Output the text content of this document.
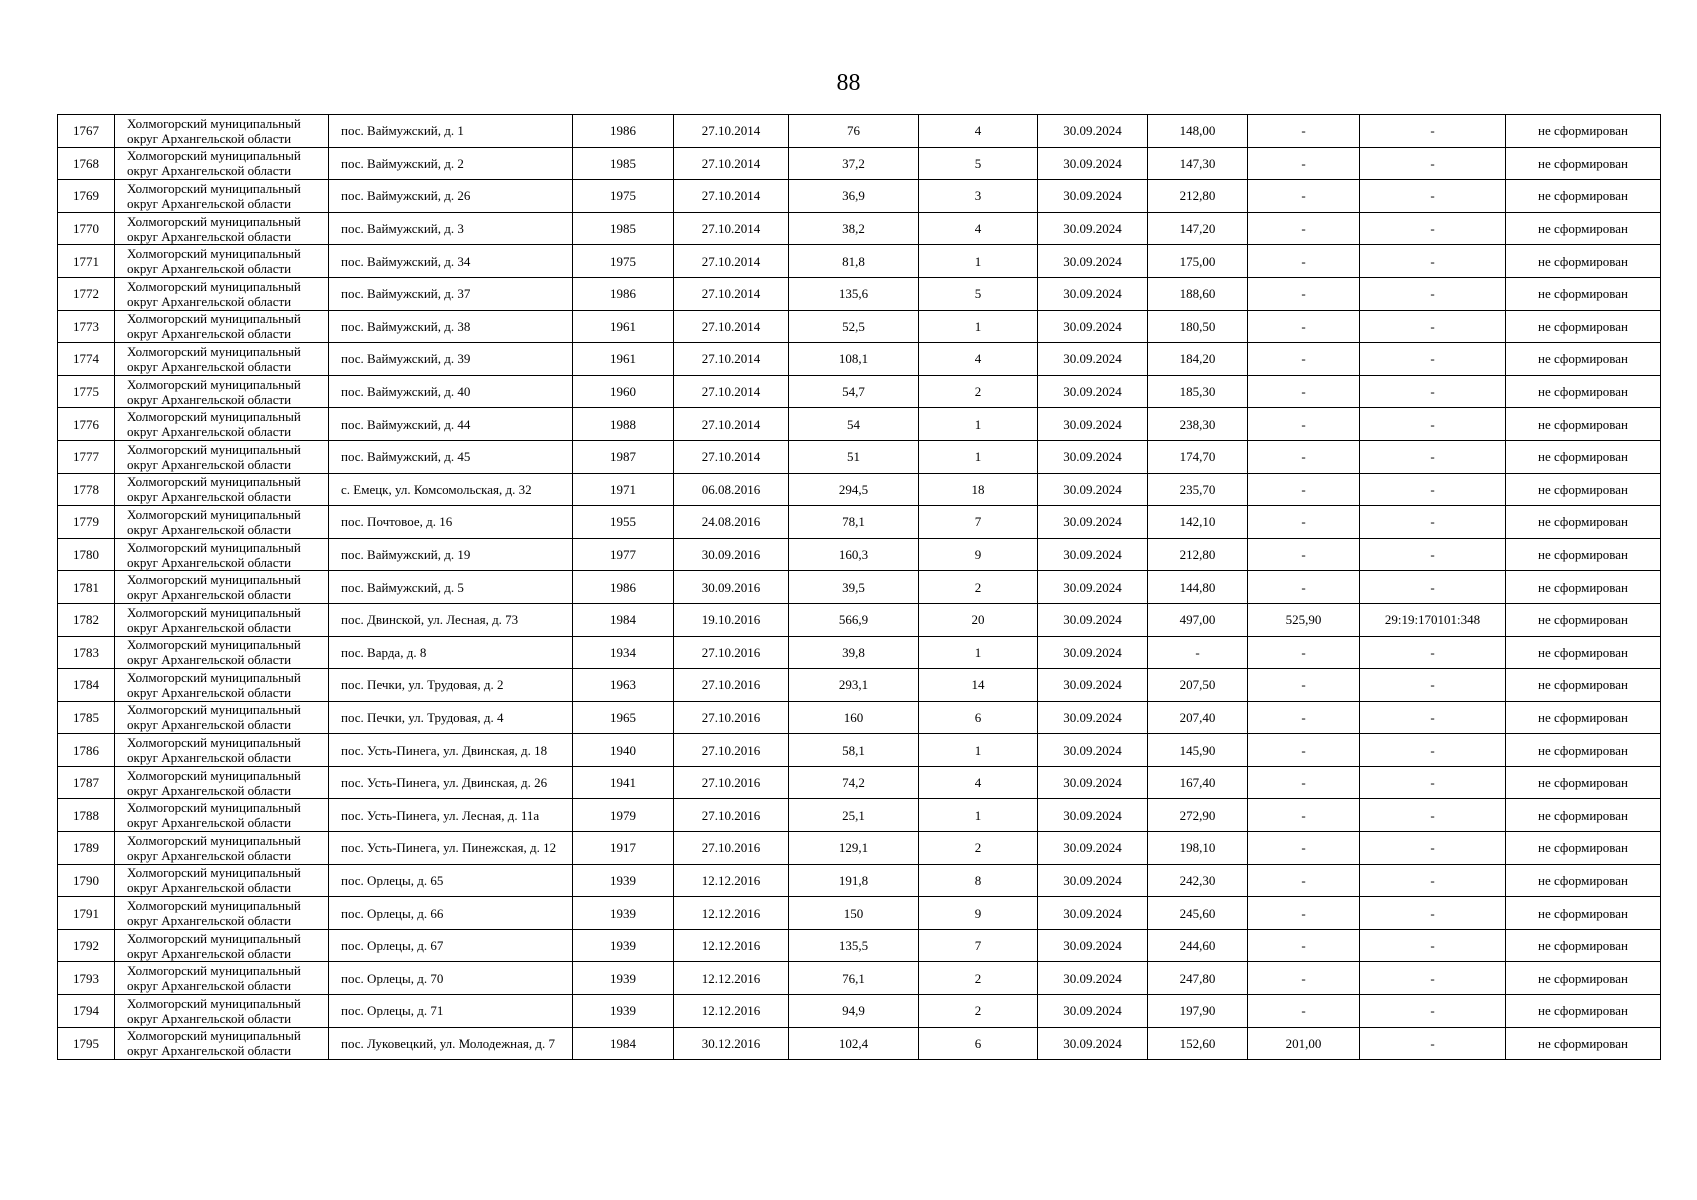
88
1767	Холмогорский муниципальный округ Архангельской области	пос. Ваймужский, д. 1	1986	27.10.2014	76	4	30.09.2024	148,00	-	-	не сформирован
1768	Холмогорский муниципальный округ Архангельской области	пос. Ваймужский, д. 2	1985	27.10.2014	37,2	5	30.09.2024	147,30	-	-	не сформирован
1769	Холмогорский муниципальный округ Архангельской области	пос. Ваймужский, д. 26	1975	27.10.2014	36,9	3	30.09.2024	212,80	-	-	не сформирован
1770	Холмогорский муниципальный округ Архангельской области	пос. Ваймужский, д. 3	1985	27.10.2014	38,2	4	30.09.2024	147,20	-	-	не сформирован
1771	Холмогорский муниципальный округ Архангельской области	пос. Ваймужский, д. 34	1975	27.10.2014	81,8	1	30.09.2024	175,00	-	-	не сформирован
1772	Холмогорский муниципальный округ Архангельской области	пос. Ваймужский, д. 37	1986	27.10.2014	135,6	5	30.09.2024	188,60	-	-	не сформирован
1773	Холмогорский муниципальный округ Архангельской области	пос. Ваймужский, д. 38	1961	27.10.2014	52,5	1	30.09.2024	180,50	-	-	не сформирован
1774	Холмогорский муниципальный округ Архангельской области	пос. Ваймужский, д. 39	1961	27.10.2014	108,1	4	30.09.2024	184,20	-	-	не сформирован
1775	Холмогорский муниципальный округ Архангельской области	пос. Ваймужский, д. 40	1960	27.10.2014	54,7	2	30.09.2024	185,30	-	-	не сформирован
1776	Холмогорский муниципальный округ Архангельской области	пос. Ваймужский, д. 44	1988	27.10.2014	54	1	30.09.2024	238,30	-	-	не сформирован
1777	Холмогорский муниципальный округ Архангельской области	пос. Ваймужский, д. 45	1987	27.10.2014	51	1	30.09.2024	174,70	-	-	не сформирован
1778	Холмогорский муниципальный округ Архангельской области	с. Емецк, ул. Комсомольская, д. 32	1971	06.08.2016	294,5	18	30.09.2024	235,70	-	-	не сформирован
1779	Холмогорский муниципальный округ Архангельской области	пос. Почтовое, д. 16	1955	24.08.2016	78,1	7	30.09.2024	142,10	-	-	не сформирован
1780	Холмогорский муниципальный округ Архангельской области	пос. Ваймужский, д. 19	1977	30.09.2016	160,3	9	30.09.2024	212,80	-	-	не сформирован
1781	Холмогорский муниципальный округ Архангельской области	пос. Ваймужский, д. 5	1986	30.09.2016	39,5	2	30.09.2024	144,80	-	-	не сформирован
1782	Холмогорский муниципальный округ Архангельской области	пос. Двинской, ул. Лесная, д. 73	1984	19.10.2016	566,9	20	30.09.2024	497,00	525,90	29:19:170101:348	не сформирован
1783	Холмогорский муниципальный округ Архангельской области	пос. Варда, д. 8	1934	27.10.2016	39,8	1	30.09.2024	-	-	-	не сформирован
1784	Холмогорский муниципальный округ Архангельской области	пос. Печки, ул. Трудовая, д. 2	1963	27.10.2016	293,1	14	30.09.2024	207,50	-	-	не сформирован
1785	Холмогорский муниципальный округ Архангельской области	пос. Печки, ул. Трудовая, д. 4	1965	27.10.2016	160	6	30.09.2024	207,40	-	-	не сформирован
1786	Холмогорский муниципальный округ Архангельской области	пос. Усть-Пинега, ул. Двинская, д. 18	1940	27.10.2016	58,1	1	30.09.2024	145,90	-	-	не сформирован
1787	Холмогорский муниципальный округ Архангельской области	пос. Усть-Пинега, ул. Двинская, д. 26	1941	27.10.2016	74,2	4	30.09.2024	167,40	-	-	не сформирован
1788	Холмогорский муниципальный округ Архангельской области	пос. Усть-Пинега, ул. Лесная, д. 11а	1979	27.10.2016	25,1	1	30.09.2024	272,90	-	-	не сформирован
1789	Холмогорский муниципальный округ Архангельской области	пос. Усть-Пинега, ул. Пинежская, д. 12	1917	27.10.2016	129,1	2	30.09.2024	198,10	-	-	не сформирован
1790	Холмогорский муниципальный округ Архангельской области	пос. Орлецы, д. 65	1939	12.12.2016	191,8	8	30.09.2024	242,30	-	-	не сформирован
1791	Холмогорский муниципальный округ Архангельской области	пос. Орлецы, д. 66	1939	12.12.2016	150	9	30.09.2024	245,60	-	-	не сформирован
1792	Холмогорский муниципальный округ Архангельской области	пос. Орлецы, д. 67	1939	12.12.2016	135,5	7	30.09.2024	244,60	-	-	не сформирован
1793	Холмогорский муниципальный округ Архангельской области	пос. Орлецы, д. 70	1939	12.12.2016	76,1	2	30.09.2024	247,80	-	-	не сформирован
1794	Холмогорский муниципальный округ Архангельской области	пос. Орлецы, д. 71	1939	12.12.2016	94,9	2	30.09.2024	197,90	-	-	не сформирован
1795	Холмогорский муниципальный округ Архангельской области	пос. Луковецкий, ул. Молодежная, д. 7	1984	30.12.2016	102,4	6	30.09.2024	152,60	201,00	-	не сформирован
